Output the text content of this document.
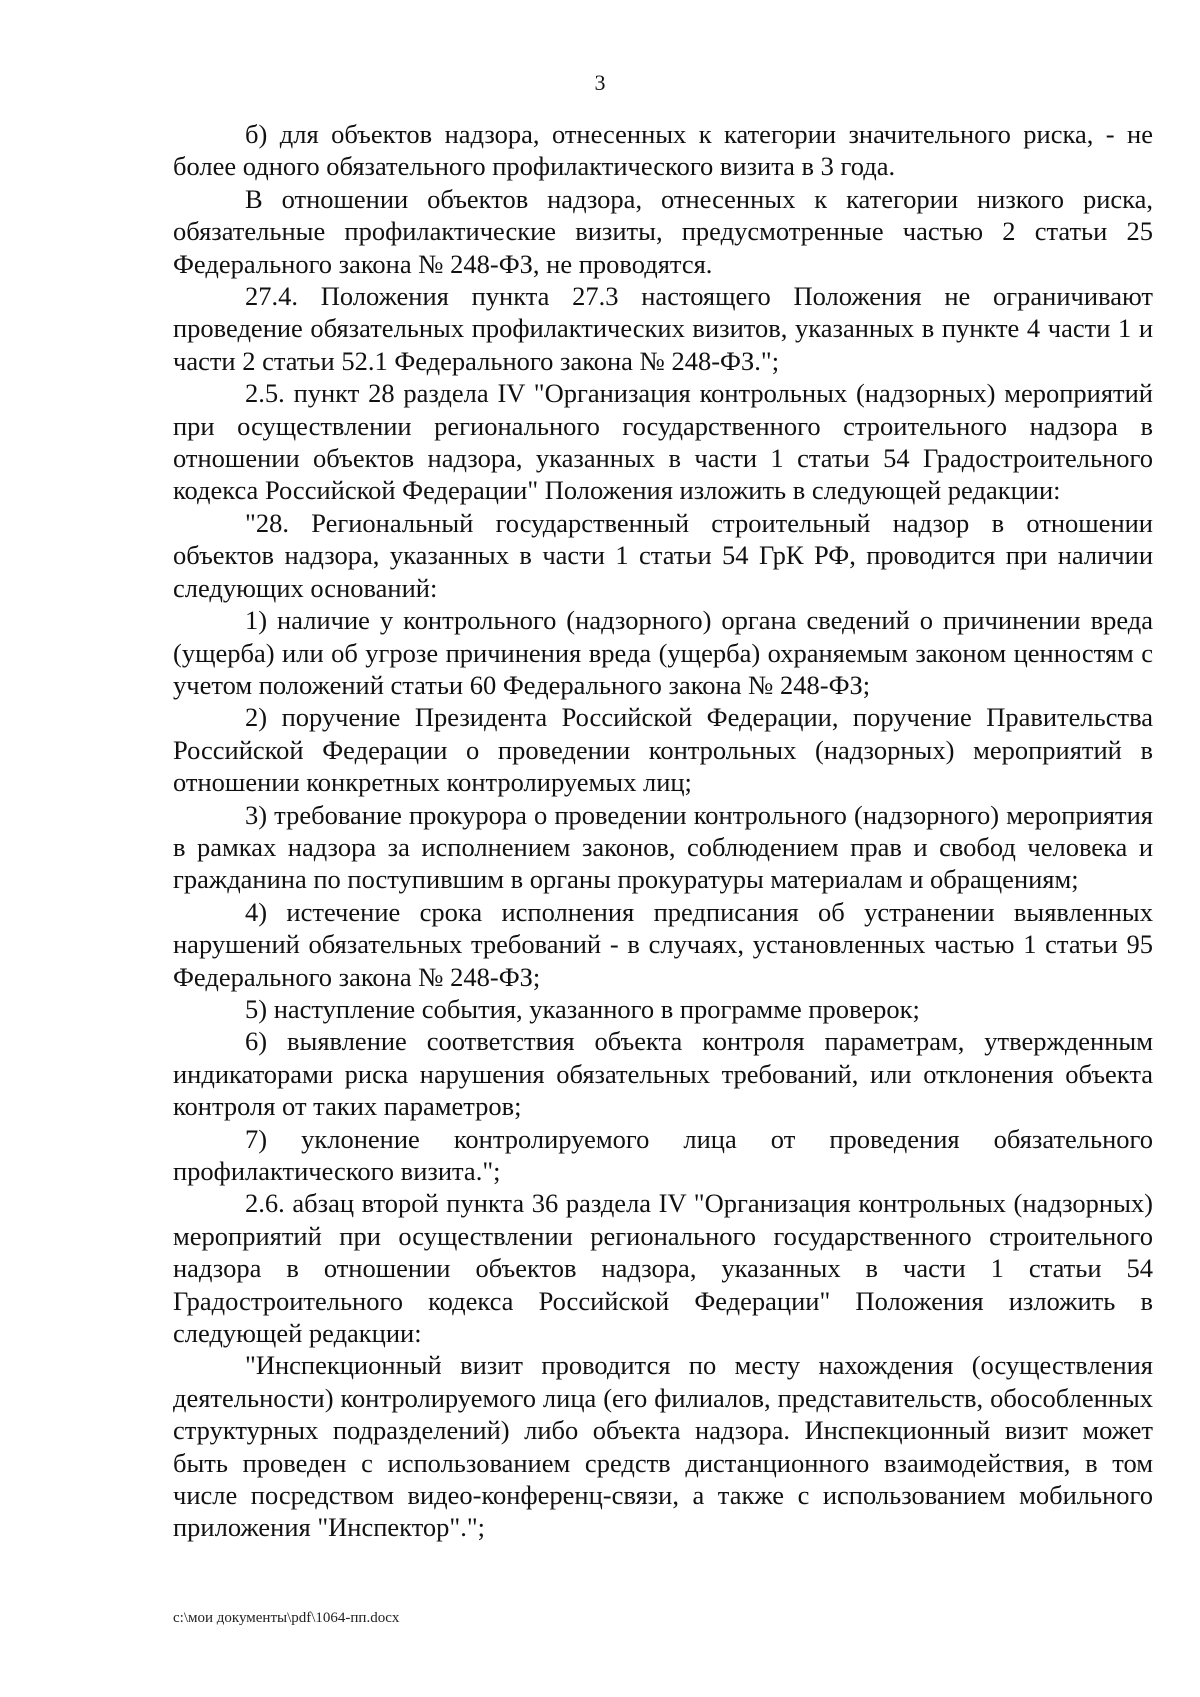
3

б) для объектов надзора, отнесенных к категории значительного риска, - не более одного обязательного профилактического визита в 3 года.

В отношении объектов надзора, отнесенных к категории низкого риска, обязательные профилактические визиты, предусмотренные частью 2 статьи 25 Федерального закона № 248-ФЗ, не проводятся.

27.4. Положения пункта 27.3 настоящего Положения не ограничивают проведение обязательных профилактических визитов, указанных в пункте 4 части 1 и части 2 статьи 52.1 Федерального закона № 248-ФЗ.";

2.5. пункт 28 раздела IV "Организация контрольных (надзорных) мероприятий при осуществлении регионального государственного строительного надзора в отношении объектов надзора, указанных в части 1 статьи 54 Градостроительного кодекса Российской Федерации" Положения изложить в следующей редакции:

"28. Региональный государственный строительный надзор в отношении объектов надзора, указанных в части 1 статьи 54 ГрК РФ, проводится при наличии следующих оснований:

1) наличие у контрольного (надзорного) органа сведений о причинении вреда (ущерба) или об угрозе причинения вреда (ущерба) охраняемым законом ценностям с учетом положений статьи 60 Федерального закона № 248-ФЗ;

2) поручение Президента Российской Федерации, поручение Правительства Российской Федерации о проведении контрольных (надзорных) мероприятий в отношении конкретных контролируемых лиц;

3) требование прокурора о проведении контрольного (надзорного) мероприятия в рамках надзора за исполнением законов, соблюдением прав и свобод человека и гражданина по поступившим в органы прокуратуры материалам и обращениям;

4) истечение срока исполнения предписания об устранении выявленных нарушений обязательных требований - в случаях, установленных частью 1 статьи 95 Федерального закона № 248-ФЗ;

5) наступление события, указанного в программе проверок;

6) выявление соответствия объекта контроля параметрам, утвержденным индикаторами риска нарушения обязательных требований, или отклонения объекта контроля от таких параметров;

7) уклонение контролируемого лица от проведения обязательного профилактического визита.";

2.6. абзац второй пункта 36 раздела IV "Организация контрольных (надзорных) мероприятий при осуществлении регионального государственного строительного надзора в отношении объектов надзора, указанных в части 1 статьи 54 Градостроительного кодекса Российской Федерации" Положения изложить в следующей редакции:

"Инспекционный визит проводится по месту нахождения (осуществления деятельности) контролируемого лица (его филиалов, представительств, обособленных структурных подразделений) либо объекта надзора. Инспекционный визит может быть проведен с использованием средств дистанционного взаимодействия, в том числе посредством видео-конференц-связи, а также с использованием мобильного приложения "Инспектор".";

c:\мои документы\pdf\1064-пп.docx
